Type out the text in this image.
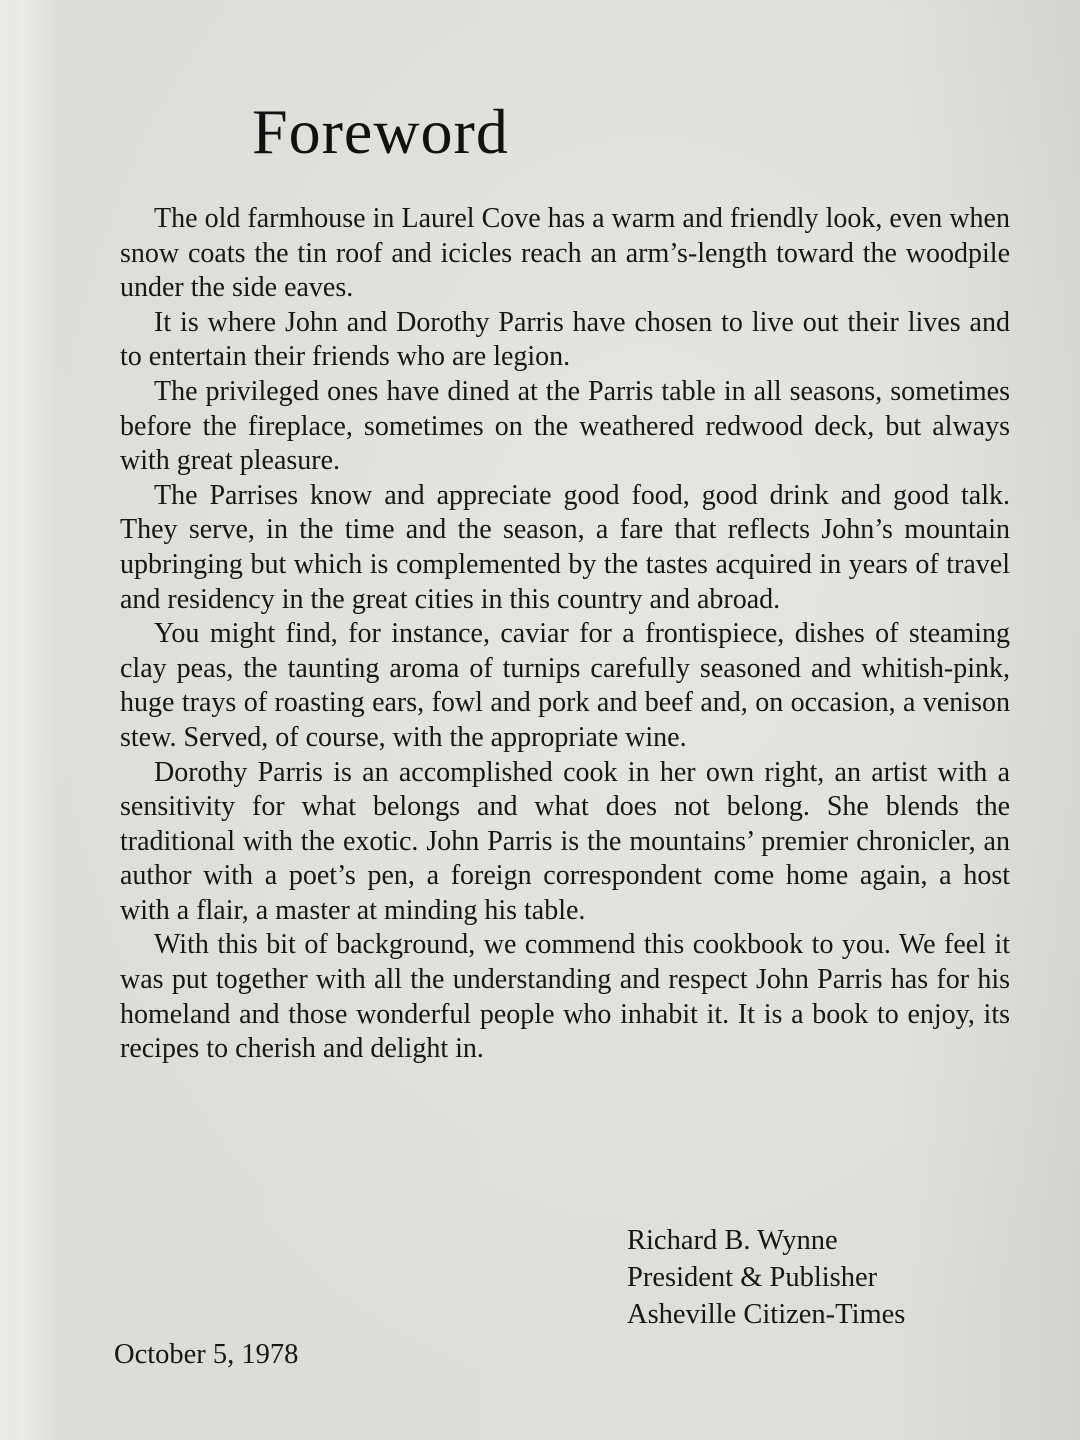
Foreword

The old farmhouse in Laurel Cove has a warm and friendly look, even when snow coats the tin roof and icicles reach an arm’s-length toward the woodpile under the side eaves.

It is where John and Dorothy Parris have chosen to live out their lives and to entertain their friends who are legion.

The privileged ones have dined at the Parris table in all seasons, sometimes before the fireplace, sometimes on the weathered redwood deck, but always with great pleasure.

The Parrises know and appreciate good food, good drink and good talk. They serve, in the time and the season, a fare that reflects John’s mountain upbringing but which is complemented by the tastes acquired in years of travel and residency in the great cities in this country and abroad.

You might find, for instance, caviar for a frontispiece, dishes of steaming clay peas, the taunting aroma of turnips carefully seasoned and whitish-pink, huge trays of roasting ears, fowl and pork and beef and, on occasion, a venison stew. Served, of course, with the appropriate wine.

Dorothy Parris is an accomplished cook in her own right, an artist with a sensitivity for what belongs and what does not belong. She blends the traditional with the exotic. John Parris is the mountains’ premier chronicler, an author with a poet’s pen, a foreign correspondent come home again, a host with a flair, a master at minding his table.

With this bit of background, we commend this cookbook to you. We feel it was put together with all the understanding and respect John Parris has for his homeland and those wonderful people who inhabit it. It is a book to enjoy, its recipes to cherish and delight in.

Richard B. Wynne
President & Publisher
Asheville Citizen-Times
October 5, 1978
